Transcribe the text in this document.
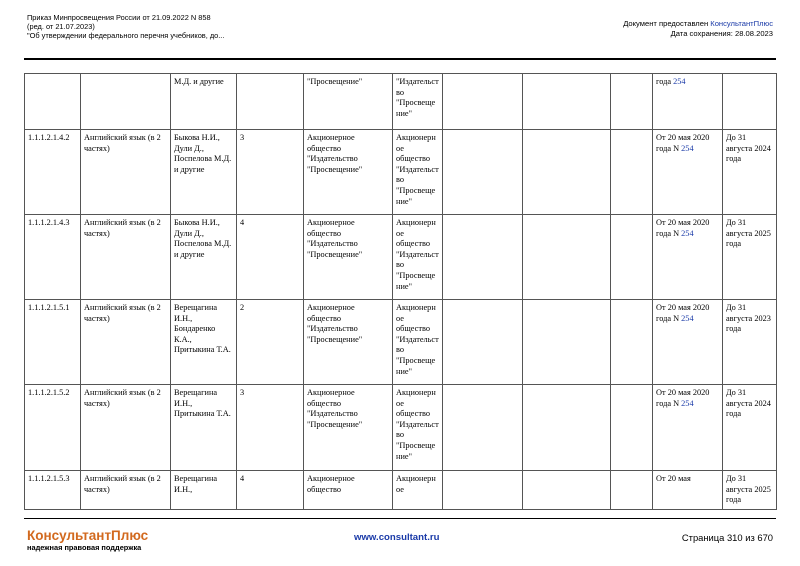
Приказ Минпросвещения России от 21.09.2022 N 858
(ред. от 21.07.2023)
"Об утверждении федерального перечня учебников, до...
Документ предоставлен КонсультантПлюс
Дата сохранения: 28.08.2023
		М.Д. и другие		"Просвещение"	"Издательство "Просвещение"				года 254	
1.1.1.2.1.4.2	Английский язык (в 2 частях)	Быкова Н.И., Дули Д., Поспелова М.Д. и другие	3	Акционерное общество "Издательство "Просвещение"	Акционерное общество "Издательство "Просвещение"				От 20 мая 2020 года N 254	До 31 августа 2024 года
1.1.1.2.1.4.3	Английский язык (в 2 частях)	Быкова Н.И., Дули Д., Поспелова М.Д. и другие	4	Акционерное общество "Издательство "Просвещение"	Акционерное общество "Издательство "Просвещение"				От 20 мая 2020 года N 254	До 31 августа 2025 года
1.1.1.2.1.5.1	Английский язык (в 2 частях)	Верещагина И.Н., Бондаренко К.А., Притыкина Т.А.	2	Акционерное общество "Издательство "Просвещение"	Акционерное общество "Издательство "Просвещение"				От 20 мая 2020 года N 254	До 31 августа 2023 года
1.1.1.2.1.5.2	Английский язык (в 2 частях)	Верещагина И.Н., Притыкина Т.А.	3	Акционерное общество "Издательство "Просвещение"	Акционерное общество "Издательство "Просвещение"				От 20 мая 2020 года N 254	До 31 августа 2024 года
1.1.1.2.1.5.3	Английский язык (в 2 частях)	Верещагина И.Н.,	4	Акционерное общество	Акционерное				От 20 мая	До 31 августа 2025 года
КонсультантПлюс
надежная правовая поддержка
www.consultant.ru	Страница 310 из 670
